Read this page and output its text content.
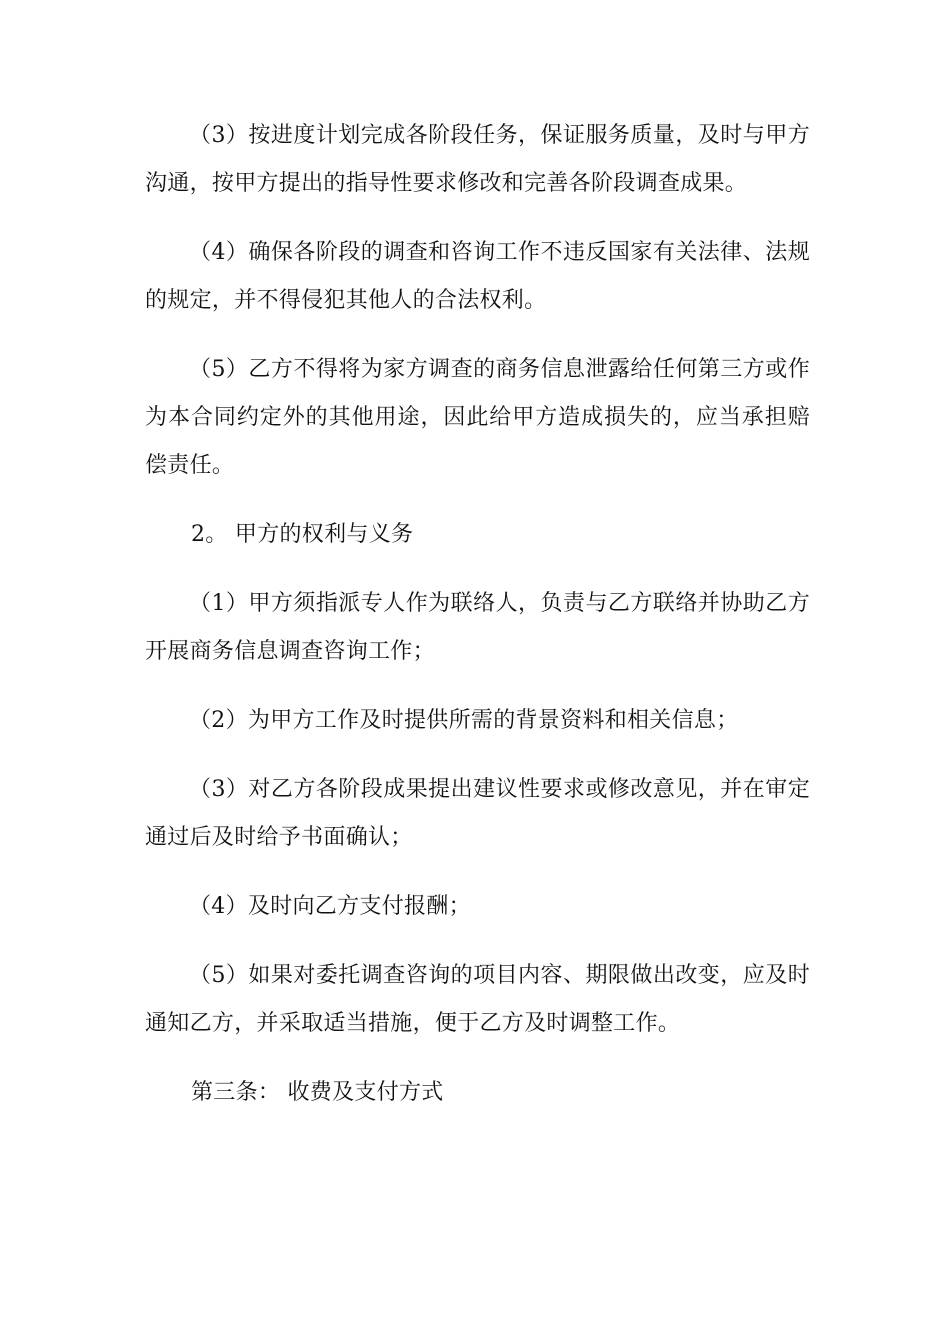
（3）按进度计划完成各阶段任务，保证服务质量，及时与甲方沟通，按甲方提出的指导性要求修改和完善各阶段调查成果。

（4）确保各阶段的调查和咨询工作不违反国家有关法律、法规的规定，并不得侵犯其他人的合法权利。

（5）乙方不得将为家方调查的商务信息泄露给任何第三方或作为本合同约定外的其他用途，因此给甲方造成损失的，应当承担赔偿责任。

2。 甲方的权利与义务

（1）甲方须指派专人作为联络人，负责与乙方联络并协助乙方开展商务信息调查咨询工作；

（2）为甲方工作及时提供所需的背景资料和相关信息；

（3）对乙方各阶段成果提出建议性要求或修改意见，并在审定通过后及时给予书面确认；

（4）及时向乙方支付报酬；

（5）如果对委托调查咨询的项目内容、期限做出改变，应及时通知乙方，并采取适当措施，便于乙方及时调整工作。

第三条： 收费及支付方式
